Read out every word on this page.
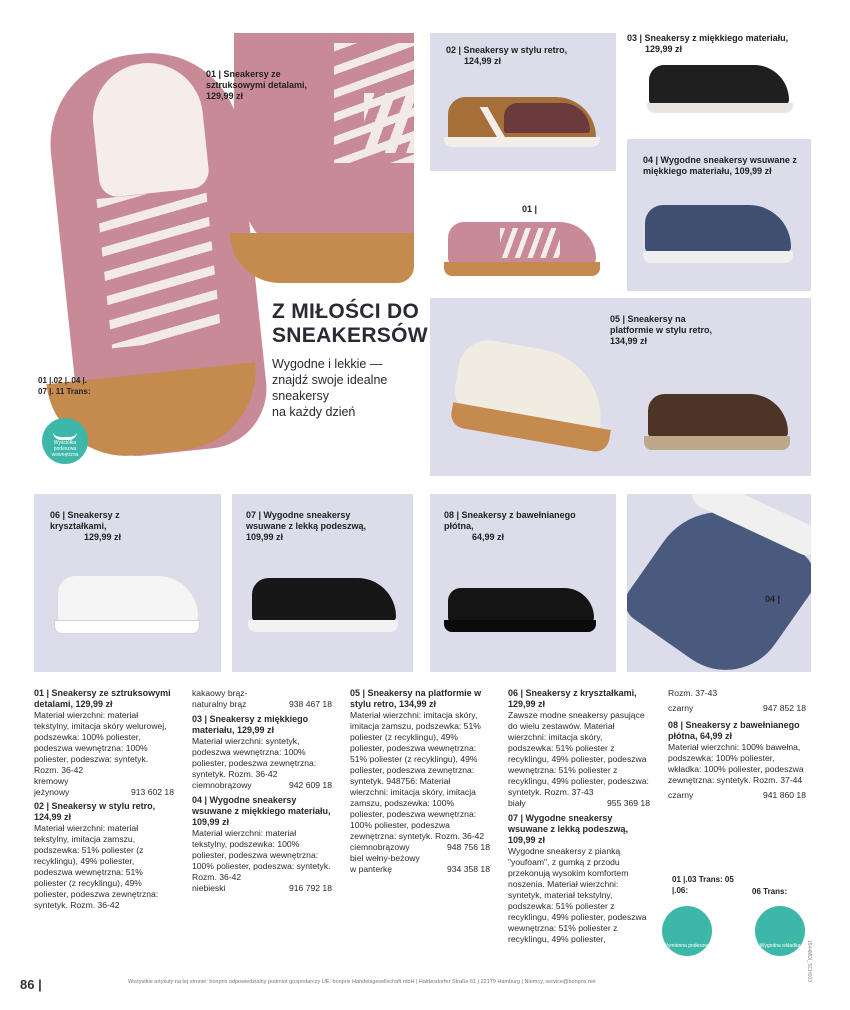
01 | Sneakersy ze sztruksowymi detalami,
129,99 zł
Z MIŁOŚCI DO
SNEAKERSÓW
Wygodne i lekkie —
znajdź swoje idealne
sneakersy
na każdy dzień
01 |.02 |. 04 |. 07 |. 11 Trans:
Wyściółka podeszwa wewnętrzna
02 | Sneakersy w stylu retro,
124,99 zł
03 | Sneakersy z miękkiego materiału,
129,99 zł
01 |
04 | Wygodne sneakersy wsuwane z miękkiego materiału, 109,99 zł
05 | Sneakersy na platformie w stylu retro, 134,99 zł
06 | Sneakersy z kryształkami,
129,99 zł
07 | Wygodne sneakersy wsuwane z lekką podeszwą, 109,99 zł
08 | Sneakersy z bawełnianego płótna,
64,99 zł
04 |

01 | Sneakersy ze sztruksowymi detalami, 129,99 zł

Materiał wierzchni: materiał tekstylny, imitacja skóry welurowej, podszewka: 100% poliester, podeszwa wewnętrzna: 100% poliester, podeszwa: syntetyk. Rozm. 36-42

kremowy
jeżynowy	913 602 18

02 | Sneakersy w stylu retro, 124,99 zł

Materiał wierzchni: materiał tekstylny, imitacja zamszu, podszewka: 51% poliester (z recyklingu), 49% poliester, podeszwa wewnętrzna: 51% poliester (z recyklingu), 49% poliester, podeszwa zewnętrzna: syntetyk. Rozm. 36-42

kakaowy brąz-naturalny brąz	938 467 18

03 | Sneakersy z miękkiego materiału, 129,99 zł

Materiał wierzchni: syntetyk, podeszwa wewnętrzna: 100% poliester, podeszwa zewnętrzna: syntetyk. Rozm. 36-42

ciemnobrązowy	942 609 18

04 | Wygodne sneakersy wsuwane z miękkiego materiału, 109,99 zł

Materiał wierzchni: materiał tekstylny, podszewka: 100% poliester, podeszwa wewnętrzna: 100% poliester, podeszwa: syntetyk. Rozm. 36-42

niebieski	916 792 18

05 | Sneakersy na platformie w stylu retro, 134,99 zł

Materiał wierzchni: imitacja skóry, imitacja zamszu, podszewka: 51% poliester (z recyklingu), 49% poliester, podeszwa wewnętrzna: 51% poliester (z recyklingu), 49% poliester, podeszwa zewnętrzna: syntetyk. 948756: Materiał wierzchni: imitacja skóry, imitacja zamszu, podszewka: 100% poliester, podeszwa wewnętrzna: 100% poliester, podeszwa zewnętrzna: syntetyk. Rozm. 36-42

ciemnobrązowy	948 756 18
biel wełny-beżowy w panterkę	934 358 18

06 | Sneakersy z kryształkami, 129,99 zł

Zawsze modne sneakersy pasujące do wielu zestawów. Materiał wierzchni: imitacja skóry, podszewka: 51% poliester z recyklingu, 49% poliester, podeszwa wewnętrzna: 51% poliester z recyklingu, 49% poliester, podeszwa: syntetyk. Rozm. 37-43

biały	955 369 18

07 | Wygodne sneakersy wsuwane z lekką podeszwą, 109,99 zł

Wygodne sneakersy z pianką "youfoam", z gumką z przodu przekonują wysokim komfortem noszenia. Materiał wierzchni: syntetyk, materiał tekstylny, podszewka: 51% poliester z recyklingu, 49% poliester, podeszwa wewnętrzna: 51% poliester z recyklingu, 49% poliester,

Rozm. 37-43

czarny	947 852 18

08 | Sneakersy z bawełnianego płótna, 64,99 zł

Materiał wierzchni: 100% bawełna, podszewka: 100% poliester, wkładka: 100% poliester, podeszwa zewnętrzna: syntetyk. Rozm. 37-44

czarny	941 860 18
01 |.03 Trans: 05 |.06:	06 Trans:
Wymienna podeszwa	Wygodna wkładka
86 |	Wszystkie artykuły na tej stronie: bonprix odpowiedzialny podmiot gospodarczy UE: bonprix Handelsgesellschaft mbH | Haldesdorfer Straße 61 | 22179 Hamburg | Niemcy, service@bonprix.net
1544MDI_SCH003
